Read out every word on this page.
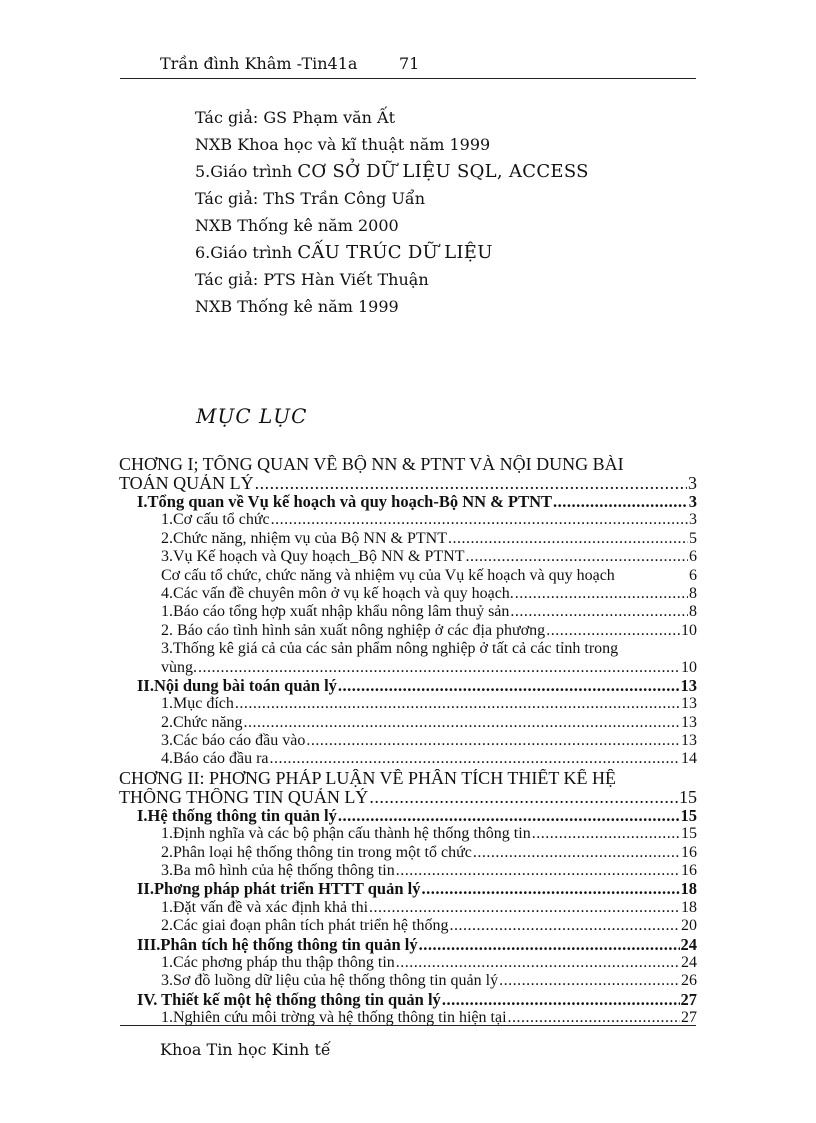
Trần đình Khâm -Tin41a	71
Tác giả: GS Phạm văn Ất
NXB Khoa học và kĩ thuật năm 1999
5.Giáo trình CƠ SỞ DỮ LIỆU SQL, ACCESS
Tác giả: ThS Trần Công Uẩn
NXB Thống kê năm 2000
6.Giáo trình CẤU TRÚC DỮ LIỆU
Tác giả: PTS Hàn Viết Thuận
NXB Thống kê năm 1999
MỤC LỤC
CHƠNG I; TỔNG QUAN VỀ BỘ NN & PTNT VÀ NỘI DUNG BÀI
TOÁN QUẢN LÝ .....	3
I.Tổng quan về Vụ kế hoạch và quy hoạch-Bộ NN & PTNT .....	3
1.Cơ cấu tổ chức .....	3
2.Chức năng, nhiệm vụ của Bộ NN & PTNT .....	5
3.Vụ Kế hoạch và Quy hoạch_Bộ NN & PTNT .....	6
Cơ cấu tổ chức, chức năng và nhiệm vụ của Vụ kế hoạch và quy hoạch	6
4.Các vấn đề chuyên môn ở vụ kế hoạch và quy hoạch. .....	8
1.Báo cáo tổng hợp xuất nhập khẩu nông lâm thuỷ sản .....	8
2. Báo cáo tình hình sản xuất nông nghiệp ở các địa phương .....	10
3.Thống kê giá cả của các sản phẩm nông nghiệp ở tất cả các tỉnh trong
vùng. .....	10
II.Nội dung bài toán quản lý .....	13
1.Mục đích .....	13
2.Chức năng .....	13
3.Các báo cáo đầu vào .....	13
4.Báo cáo đầu ra .....	14
CHƠNG II: PHƠNG PHÁP LUẬN VỀ PHÂN TÍCH THIẾT KẾ HỆ
THỐNG THÔNG TIN QUẢN LÝ .....	15
I.Hệ thống thông tin quản lý .....	15
1.Định nghĩa và các bộ phận cấu thành hệ thống thông tin .....	15
2.Phân loại hệ thống thông tin trong một tổ chức .....	16
3.Ba mô hình của hệ thống thông tin .....	16
II.Phơng pháp phát triển HTTT quản lý .....	18
1.Đặt vấn đề và xác định khả thi .....	18
2.Các giai đoạn phân tích phát triển hệ thống .....	20
III.Phân tích hệ thống thông tin quản lý .....	24
1.Các phơng pháp thu thập thông tin .....	24
3.Sơ đồ luồng dữ liệu của hệ thống thông tin quản lý .....	26
IV. Thiết kế một hệ thống thông tin quản lý .....	27
1.Nghiên cứu môi trờng và hệ thống thông tin hiện tại .....	27
Khoa Tin học Kinh tế
